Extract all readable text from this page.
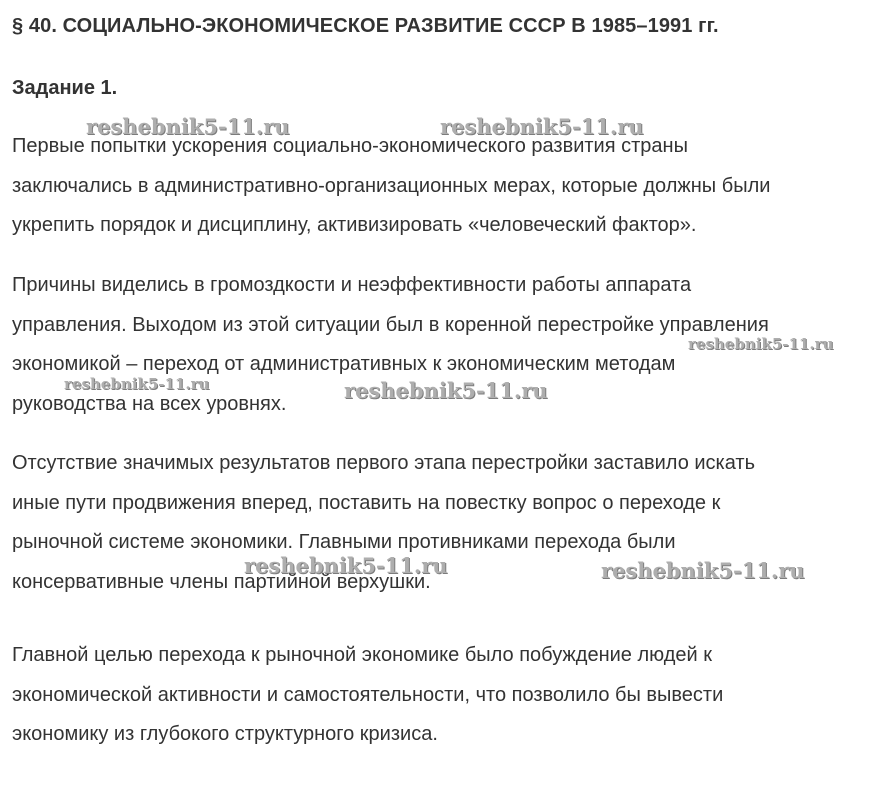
§ 40. СОЦИАЛЬНО-ЭКОНОМИЧЕСКОЕ РАЗВИТИЕ СССР В 1985–1991 гг.
Задание 1.

Первые попытки ускорения социально-экономического развития страны
заключались в административно-организационных мерах, которые должны были
укрепить порядок и дисциплину, активизировать «человеческий фактор».

Причины виделись в громоздкости и неэффективности работы аппарата
управления. Выходом из этой ситуации был в коренной перестройке управления
экономикой – переход от административных к экономическим методам
руководства на всех уровнях.

Отсутствие значимых результатов первого этапа перестройки заставило искать
иные пути продвижения вперед, поставить на повестку вопрос о переходе к
рыночной системе экономики. Главными противниками перехода были
консервативные члены партийной верхушки.

Главной целью перехода к рыночной экономике было побуждение людей к
экономической активности и самостоятельности, что позволило бы вывести
экономику из глубокого структурного кризиса.

reshebnik5-11.ru	reshebnik5-11.ru
reshebnik5-11.ru
reshebnik5-11.ru	reshebnik5-11.ru
reshebnik5-11.ru	reshebnik5-11.ru
